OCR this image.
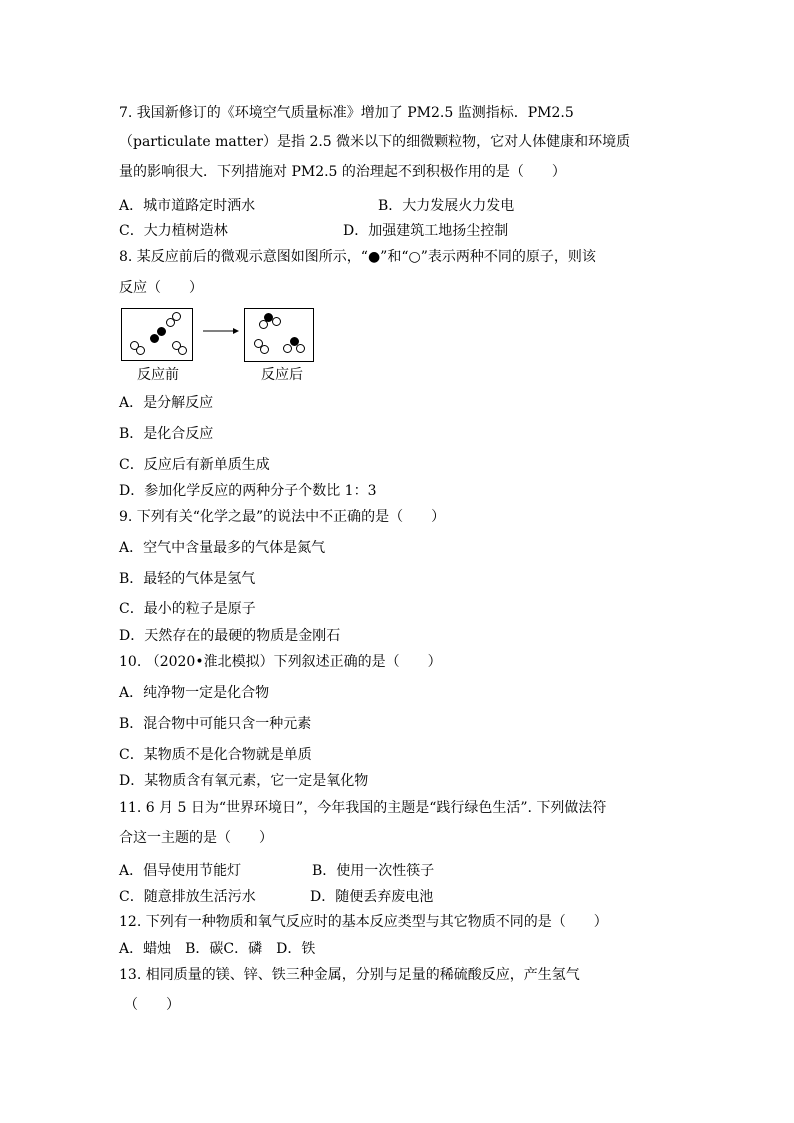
7. 我国新修订的《环境空气质量标准》增加了 PM2.5 监测指标．PM2.5
（particulate matter）是指 2.5 微米以下的细微颗粒物，它对人体健康和环境质
量的影响很大．下列措施对 PM2.5 的治理起不到积极作用的是（　　）
A．城市道路定时洒水	B．大力发展火力发电
C．大力植树造林	D．加强建筑工地扬尘控制
8. 某反应前后的微观示意图如图所示，“●”和“○”表示两种不同的原子，则该
反应（　　）
反应前	反应后
A．是分解反应
B．是化合反应
C．反应后有新单质生成
D．参加化学反应的两种分子个数比 1：3
9. 下列有关“化学之最”的说法中不正确的是（　　）
A．空气中含量最多的气体是氮气
B．最轻的气体是氢气
C．最小的粒子是原子
D．天然存在的最硬的物质是金刚石
10. （2020•淮北模拟）下列叙述正确的是（　　）
A．纯净物一定是化合物
B．混合物中可能只含一种元素
C．某物质不是化合物就是单质
D．某物质含有氧元素，它一定是氧化物
11. 6 月 5 日为“世界环境日”，今年我国的主题是“践行绿色生活”. 下列做法符
合这一主题的是（　　）
A．倡导使用节能灯	B．使用一次性筷子
C．随意排放生活污水	D．随便丢弃废电池
12. 下列有一种物质和氧气反应时的基本反应类型与其它物质不同的是（　　）
A．蜡烛　B．碳C．磷　D．铁
13. 相同质量的镁、锌、铁三种金属，分别与足量的稀硫酸反应，产生氢气
（　　）
